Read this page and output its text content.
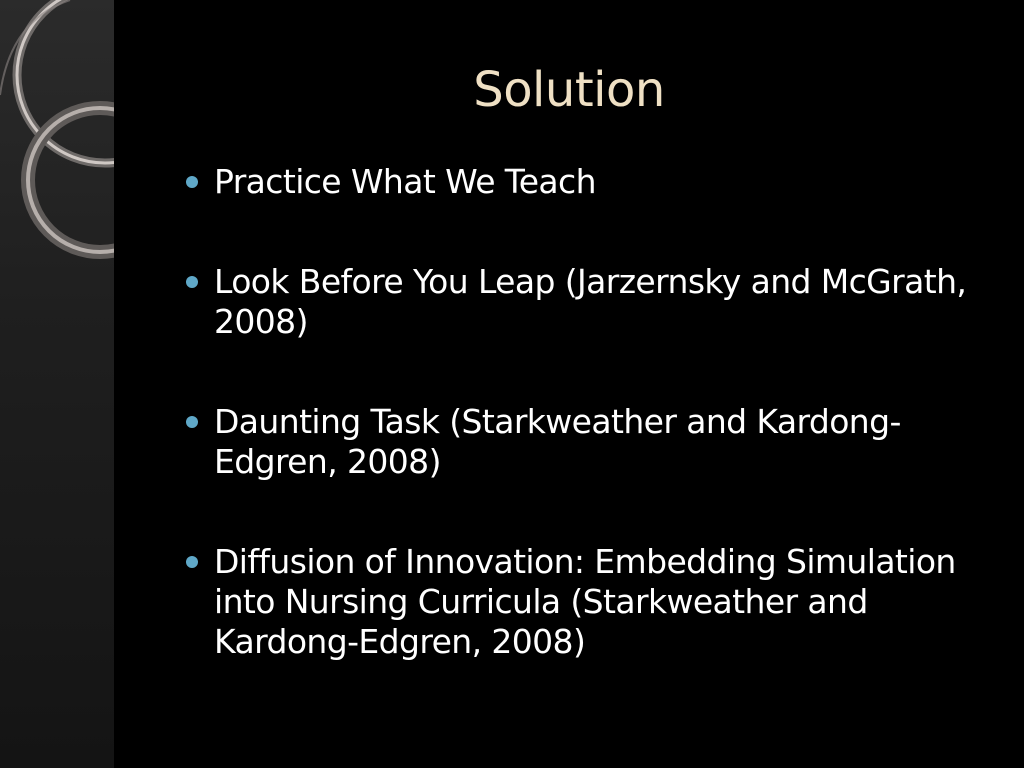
Solution
Practice What We Teach
Look Before You Leap (Jarzernsky and McGrath, 2008)
Daunting Task (Starkweather and Kardong-Edgren, 2008)
Diffusion of Innovation: Embedding Simulation into Nursing Curricula (Starkweather and Kardong-Edgren, 2008)
